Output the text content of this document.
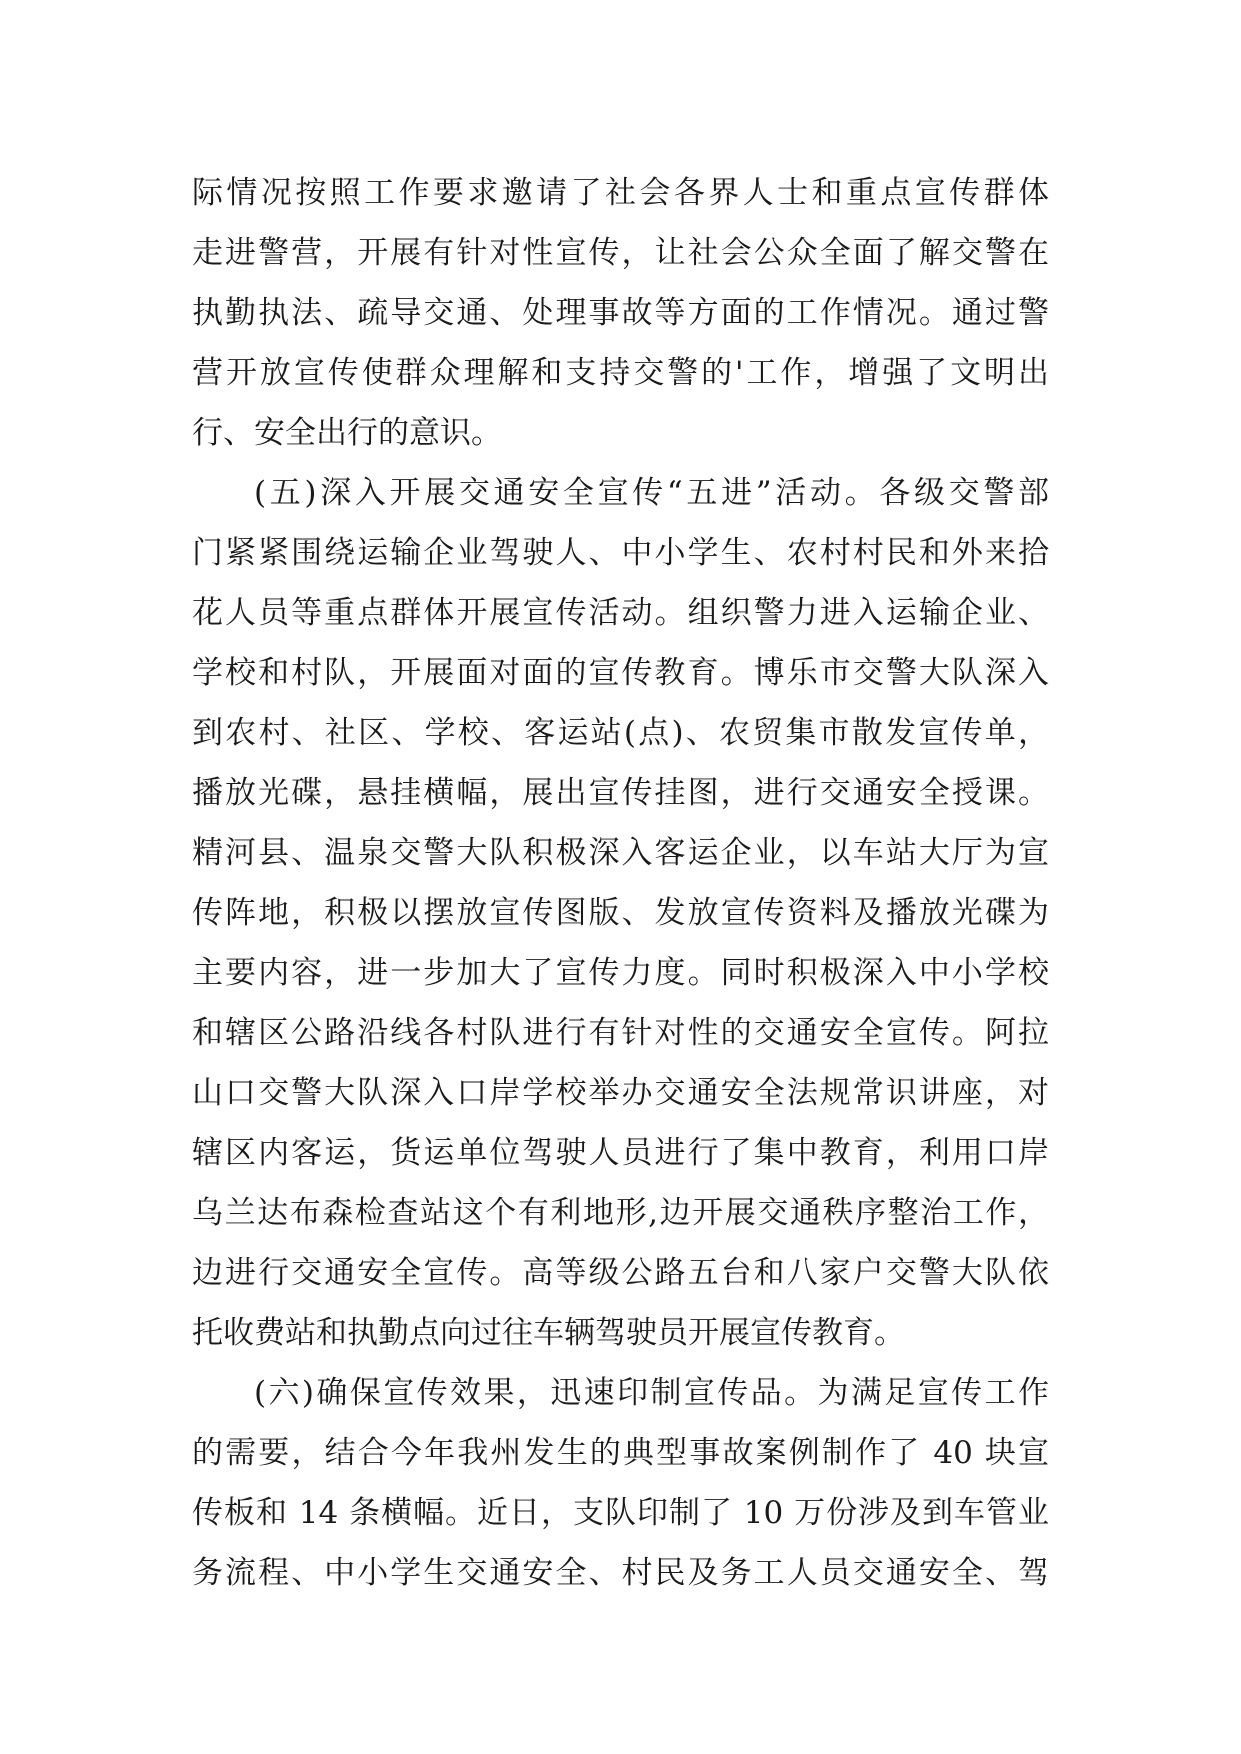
际情况按照工作要求邀请了社会各界人士和重点宣传群体
走进警营，开展有针对性宣传，让社会公众全面了解交警在
执勤执法、疏导交通、处理事故等方面的工作情况。通过警
营开放宣传使群众理解和支持交警的'工作，增强了文明出
行、安全出行的意识。
(五)深入开展交通安全宣传“五进”活动。各级交警部
门紧紧围绕运输企业驾驶人、中小学生、农村村民和外来拾
花人员等重点群体开展宣传活动。组织警力进入运输企业、
学校和村队，开展面对面的宣传教育。博乐市交警大队深入
到农村、社区、学校、客运站(点)、农贸集市散发宣传单，
播放光碟，悬挂横幅，展出宣传挂图，进行交通安全授课。
精河县、温泉交警大队积极深入客运企业，以车站大厅为宣
传阵地，积极以摆放宣传图版、发放宣传资料及播放光碟为
主要内容，进一步加大了宣传力度。同时积极深入中小学校
和辖区公路沿线各村队进行有针对性的交通安全宣传。阿拉
山口交警大队深入口岸学校举办交通安全法规常识讲座，对
辖区内客运，货运单位驾驶人员进行了集中教育，利用口岸
乌兰达布森检查站这个有利地形,边开展交通秩序整治工作，
边进行交通安全宣传。高等级公路五台和八家户交警大队依
托收费站和执勤点向过往车辆驾驶员开展宣传教育。
(六)确保宣传效果，迅速印制宣传品。为满足宣传工作
的需要，结合今年我州发生的典型事故案例制作了 40 块宣
传板和 14 条横幅。近日，支队印制了 10 万份涉及到车管业
务流程、中小学生交通安全、村民及务工人员交通安全、驾
